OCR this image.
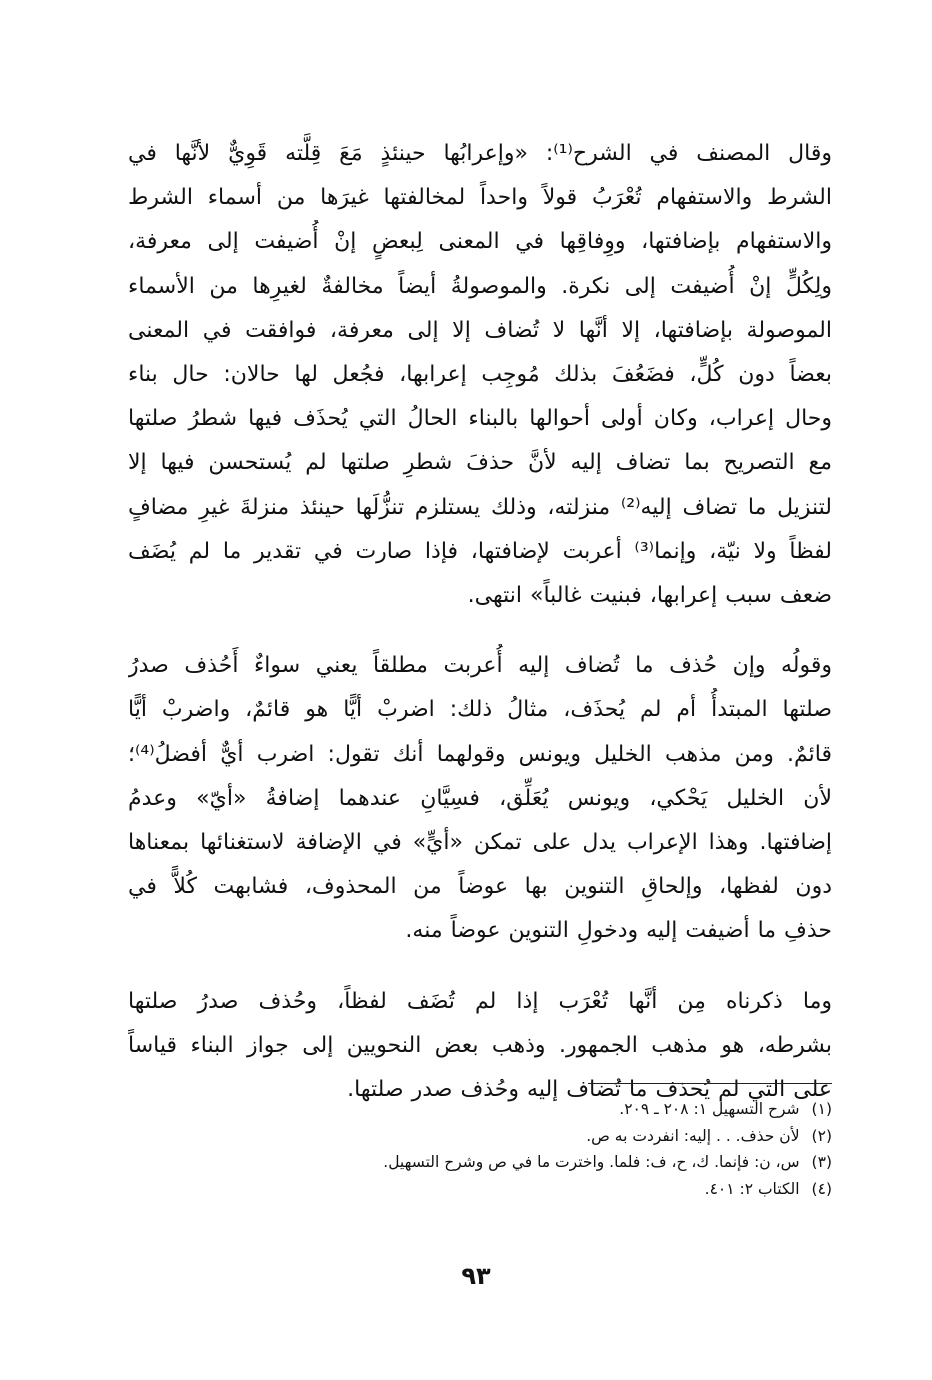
وقال المصنف في الشرح⁽¹⁾: «وإعرابُها حينئذٍ مَعَ قِلَّته قَوِيٌّ لأنَّها في
الشرط والاستفهام تُعْرَبُ قولاً واحداً لمخالفتها غيرَها من أسماء الشرط
والاستفهام بإضافتها، ووِفاقِها في المعنى لِبعضٍ إنْ أُضيفت إلى معرفة،
ولِكُلٍّ إنْ أُضيفت إلى نكرة. والموصولةُ أيضاً مخالفةٌ لغيرِها من الأسماء
الموصولة بإضافتها، إلا أنَّها لا تُضاف إلا إلى معرفة، فوافقت في المعنى
بعضاً دون كُلٍّ، فضَعُفَ بذلك مُوجِب إعرابها، فجُعل لها حالان: حال بناء
وحال إعراب، وكان أولى أحوالها بالبناء الحالُ التي يُحذَف فيها شطرُ صلتها
مع التصريح بما تضاف إليه لأنَّ حذفَ شطرِ صلتها لم يُستحسن فيها إلا
لتنزيل ما تضاف إليه⁽²⁾ منزلته، وذلك يستلزم تنزُّلَها حينئذ منزلةَ غيرِ مضافٍ
لفظاً ولا نيّة، وإنما⁽³⁾ أعربت لإضافتها، فإذا صارت في تقدير ما لم يُضَف
ضعف سبب إعرابها، فبنيت غالباً» انتهى.

وقولُه وإن حُذف ما تُضاف إليه أُعربت مطلقاً يعني سواءٌ أَحُذف صدرُ
صلتها المبتدأُ أم لم يُحذَف، مثالُ ذلك: اضربْ أيًّا هو قائمٌ، واضربْ أيًّا
قائمٌ. ومن مذهب الخليل ويونس وقولهما أنك تقول: اضرب أيٌّ أفضلُ⁽⁴⁾؛
لأن الخليل يَحْكي، ويونس يُعَلِّق، فسِيَّانِ عندهما إضافةُ «أيّ» وعدمُ
إضافتها. وهذا الإعراب يدل على تمكن «أيٍّ» في الإضافة لاستغنائها بمعناها
دون لفظها، وإلحاقِ التنوين بها عوضاً من المحذوف، فشابهت كُلاًّ في
حذفِ ما أضيفت إليه ودخولِ التنوين عوضاً منه.

وما ذكرناه مِن أنَّها تُعْرَب إذا لم تُضَف لفظاً، وحُذف صدرُ صلتها
بشرطه، هو مذهب الجمهور. وذهب بعض النحويين إلى جواز البناء قياساً
على التي لم يُحذف ما تُضاف إليه وحُذف صدر صلتها.

(١)شرح التسهيل ١: ٢٠٨ ـ ٢٠٩.
(٢)لأن حذف. . . إليه: انفردت به ص.
(٣)س، ن: فإنما. ك، ح، ف: فلما. واخترت ما في ص وشرح التسهيل.
(٤)الكتاب ٢: ٤٠١.
٩٣
